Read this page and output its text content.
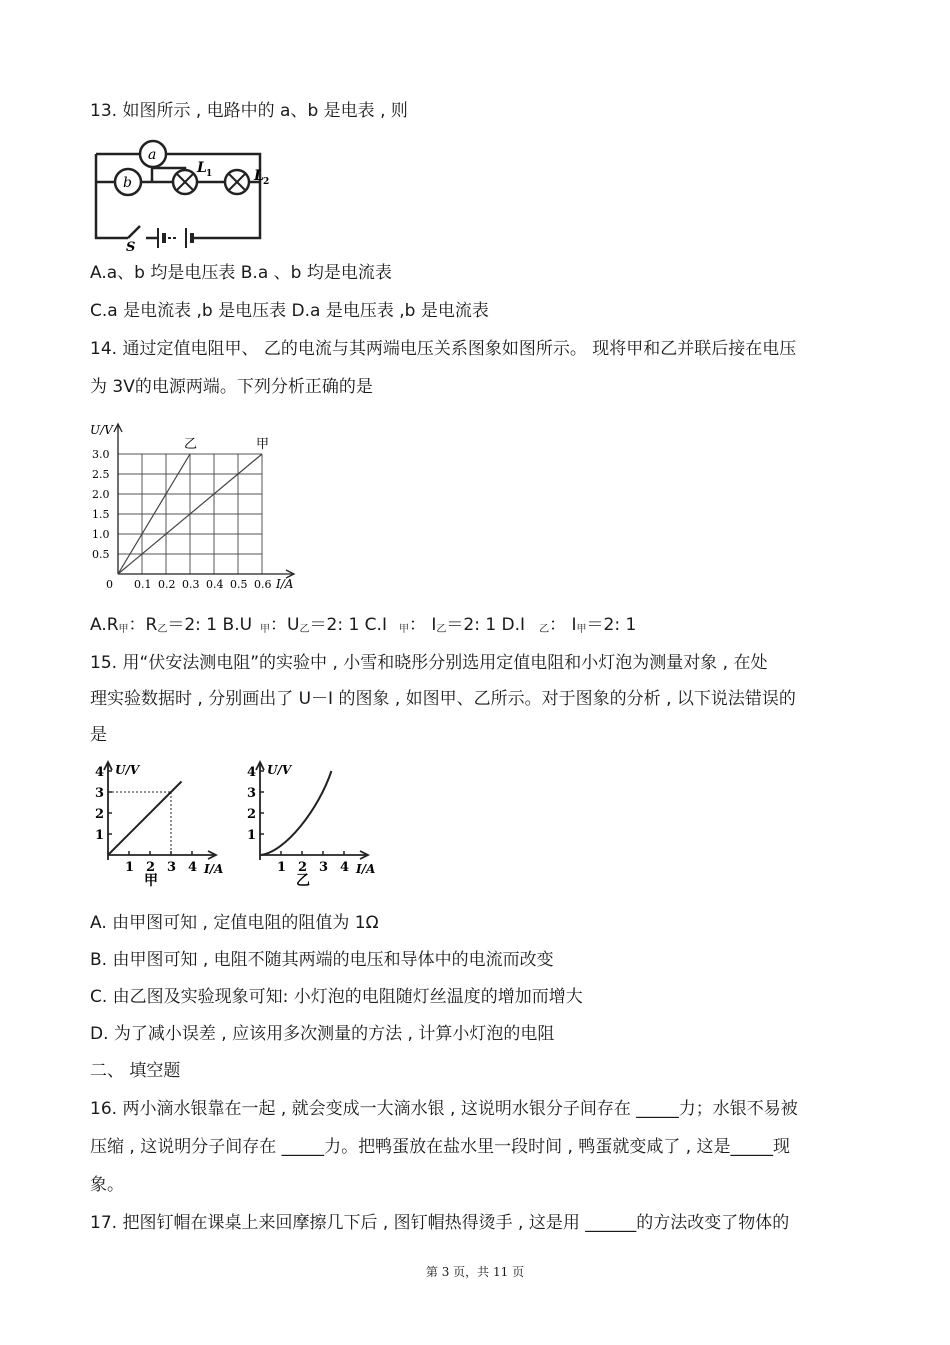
13. 如图所示 , 电路中的 a、b 是电表 , 则
a
b
L 1	L 2
S
A.a、b 均是电压表 B.a 、b 均是电流表
C.a 是电流表 ,b 是电压表 D.a 是电压表 ,b 是电流表
14. 通过定值电阻甲、 乙的电流与其两端电压关系图象如图所示。 现将甲和乙并联后接在电压
为 3V的电源两端。下列分析正确的是
U/V
I/A
0.5
1.0
1.5
2.0
2.5
3.0
0 0.1 0.2 0.3 0.4 0.5 0.6
乙	甲
$A.R_甲$：$R_乙=2$: 1 B.U $_甲$：$U_乙=2$: 1 C.I $_甲$： $I_乙=2$: 1 D.I $_乙$： $I_甲=2$: 1
15. 用“伏安法测电阻”的实验中 , 小雪和晓彤分别选用定值电阻和小灯泡为测量对象 , 在处
理实验数据时 , 分别画出了 U－I 的图象 , 如图甲、乙所示。对于图象的分析 , 以下说法错误的
是
U/V
I/A
1
2
3
4
1 2 3 4
甲
U/V
I/A
1
2
3
4
1 2 3 4
乙
A. 由甲图可知 , 定值电阻的阻值为 1Ω
B. 由甲图可知 , 电阻不随其两端的电压和导体中的电流而改变
C. 由乙图及实验现象可知: 小灯泡的电阻随灯丝温度的增加而增大
D. 为了减小误差 , 应该用多次测量的方法 , 计算小灯泡的电阻
二、 填空题
16. 两小滴水银靠在一起 , 就会变成一大滴水银 , 这说明水银分子间存在 _____力；水银不易被
压缩 , 这说明分子间存在 _____力。把鸭蛋放在盐水里一段时间 , 鸭蛋就变咸了 , 这是_____现
象。
17. 把图钉帽在课桌上来回摩擦几下后 , 图钉帽热得烫手 , 这是用 ______的方法改变了物体的
第 3 页，共 11 页
